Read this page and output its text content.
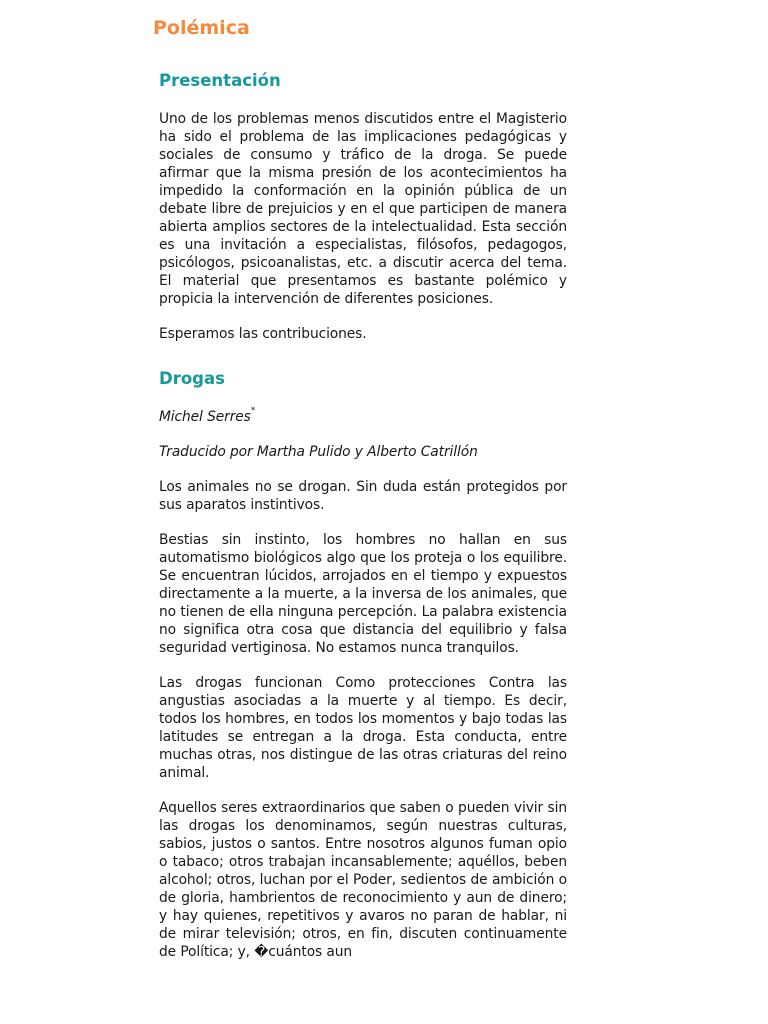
Polémica
Presentación

Uno de los problemas menos discutidos entre el Magisterio ha sido el problema de las implicaciones pedagógicas y sociales de consumo y tráfico de la droga. Se puede afirmar que la misma presión de los acontecimientos ha impedido la conformación en la opinión pública de un debate libre de prejuicios y en el que participen de manera abierta amplios sectores de la intelectualidad. Esta sección es una invitación a especialistas, filósofos, pedagogos, psicólogos, psicoanalistas, etc. a discutir acerca del tema. El material que presentamos es bastante polémico y propicia la intervención de diferentes posiciones.

Esperamos las contribuciones.

Drogas

Michel Serres*

Traducido por Martha Pulido y Alberto Catrillón

Los animales no se drogan. Sin duda están protegidos por sus aparatos instintivos.

Bestias sin instinto, los hombres no hallan en sus automatismo biológicos algo que los proteja o los equilibre. Se encuentran lúcidos, arrojados en el tiempo y expuestos directamente a la muerte, a la inversa de los animales, que no tienen de ella ninguna percepción. La palabra existencia no significa otra cosa que distancia del equilibrio y falsa seguridad vertiginosa. No estamos nunca tranquilos.

Las drogas funcionan Como protecciones Contra las angustias asociadas a la muerte y al tiempo. Es decir, todos los hombres, en todos los momentos y bajo todas las latitudes se entregan a la droga. Esta conducta, entre muchas otras, nos distingue de las otras criaturas del reino animal.

Aquellos seres extraordinarios que saben o pueden vivir sin las drogas los denominamos, según nuestras culturas, sabios, justos o santos. Entre nosotros algunos fuman opio o tabaco; otros trabajan incansablemente; aquéllos, beben alcohol; otros, luchan por el Poder, sedientos de ambición o de gloria, hambrientos de reconocimiento y aun de dinero; y hay quienes, repetitivos y avaros no paran de hablar, ni de mirar televisión; otros, en fin, discuten continuamente de Política; y, �cuántos aun
